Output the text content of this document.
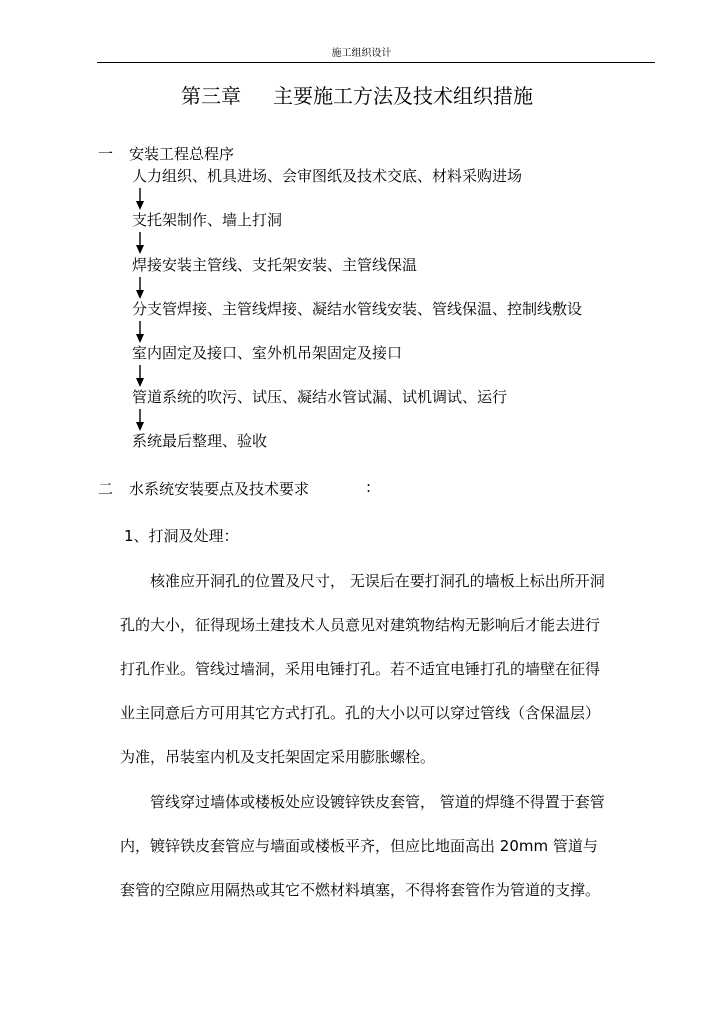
施工组织设计
第三章 主要施工方法及技术组织措施
一 安装工程总程序
人力组织、机具进场、会审图纸及技术交底、材料采购进场
支托架制作、墙上打洞
焊接安装主管线、支托架安装、主管线保温
分支管焊接、主管线焊接、凝结水管线安装、管线保温、控制线敷设
室内固定及接口、室外机吊架固定及接口
管道系统的吹污、试压、凝结水管试漏、试机调试、运行
系统最后整理、验收
二 水系统安装要点及技术要求	:
1、打洞及处理：
核准应开洞孔的位置及尺寸， 无误后在要打洞孔的墙板上标出所开洞
孔的大小，征得现场土建技术人员意见对建筑物结构无影响后才能去进行
打孔作业。管线过墙洞，采用电锤打孔。若不适宜电锤打孔的墙壁在征得
业主同意后方可用其它方式打孔。孔的大小以可以穿过管线（含保温层）
为准，吊装室内机及支托架固定采用膨胀螺栓。
管线穿过墙体或楼板处应设镀锌铁皮套管， 管道的焊缝不得置于套管
内，镀锌铁皮套管应与墙面或楼板平齐，但应比地面高出 20mm 管道与
套管的空隙应用隔热或其它不燃材料填塞，不得将套管作为管道的支撑。
